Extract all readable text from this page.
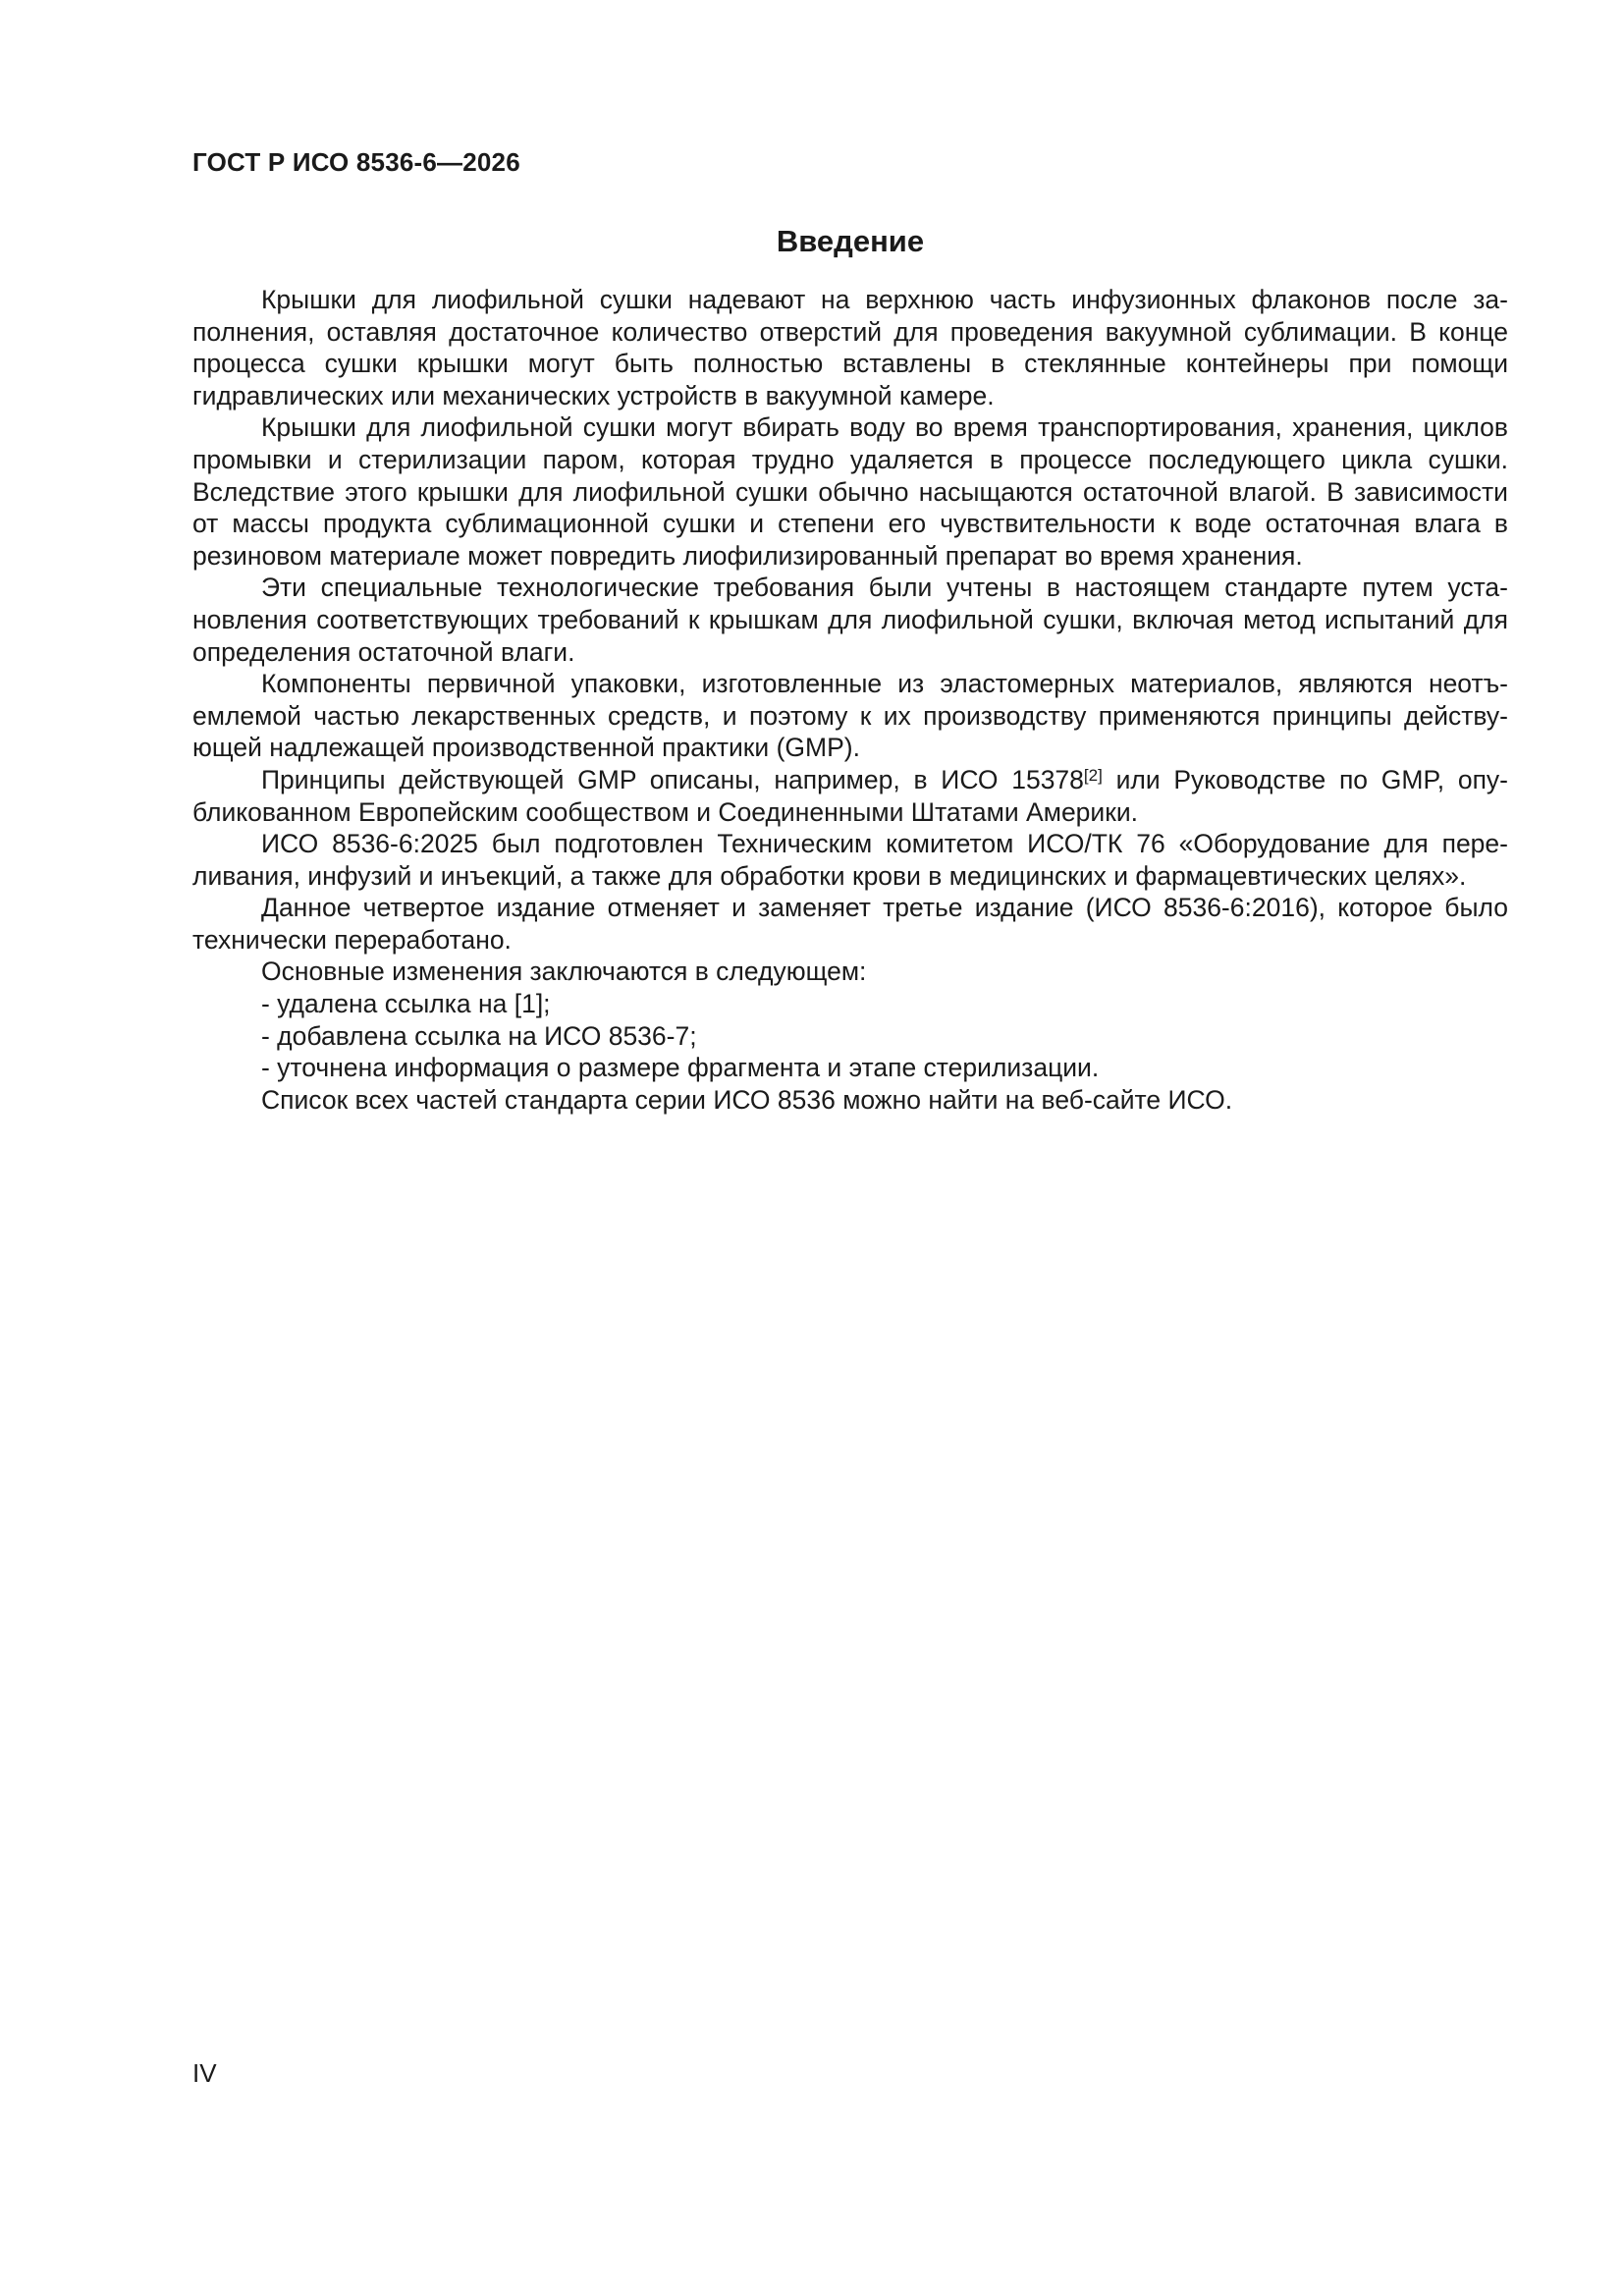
ГОСТ Р ИСО 8536-6—2026
Введение

Крышки для лиофильной сушки надевают на верхнюю часть инфузионных флаконов после заполнения, оставляя достаточное количество отверстий для проведения вакуумной сублимации. В конце процесса сушки крышки могут быть полностью вставлены в стеклянные контейнеры при помощи гидравлических или механических устройств в вакуумной камере.

Крышки для лиофильной сушки могут вбирать воду во время транспортирования, хранения, циклов промывки и стерилизации паром, которая трудно удаляется в процессе последующего цикла сушки. Вследствие этого крышки для лиофильной сушки обычно насыщаются остаточной влагой. В зависимости от массы продукта сублимационной сушки и степени его чувствительности к воде остаточная влага в резиновом материале может повредить лиофилизированный препарат во время хранения.

Эти специальные технологические требования были учтены в настоящем стандарте путем установления соответствующих требований к крышкам для лиофильной сушки, включая метод испытаний для определения остаточной влаги.

Компоненты первичной упаковки, изготовленные из эластомерных материалов, являются неотъемлемой частью лекарственных средств, и поэтому к их производству применяются принципы действующей надлежащей производственной практики (GMP).

Принципы действующей GMP описаны, например, в ИСО 15378[2] или Руководстве по GMP, опубликованном Европейским сообществом и Соединенными Штатами Америки.

ИСО 8536-6:2025 был подготовлен Техническим комитетом ИСО/ТК 76 «Оборудование для переливания, инфузий и инъекций, а также для обработки крови в медицинских и фармацевтических целях».

Данное четвертое издание отменяет и заменяет третье издание (ИСО 8536-6:2016), которое было технически переработано.

Основные изменения заключаются в следующем:

- удалена ссылка на [1];

- добавлена ссылка на ИСО 8536-7;

- уточнена информация о размере фрагмента и этапе стерилизации.

Список всех частей стандарта серии ИСО 8536 можно найти на веб-сайте ИСО.

IV
